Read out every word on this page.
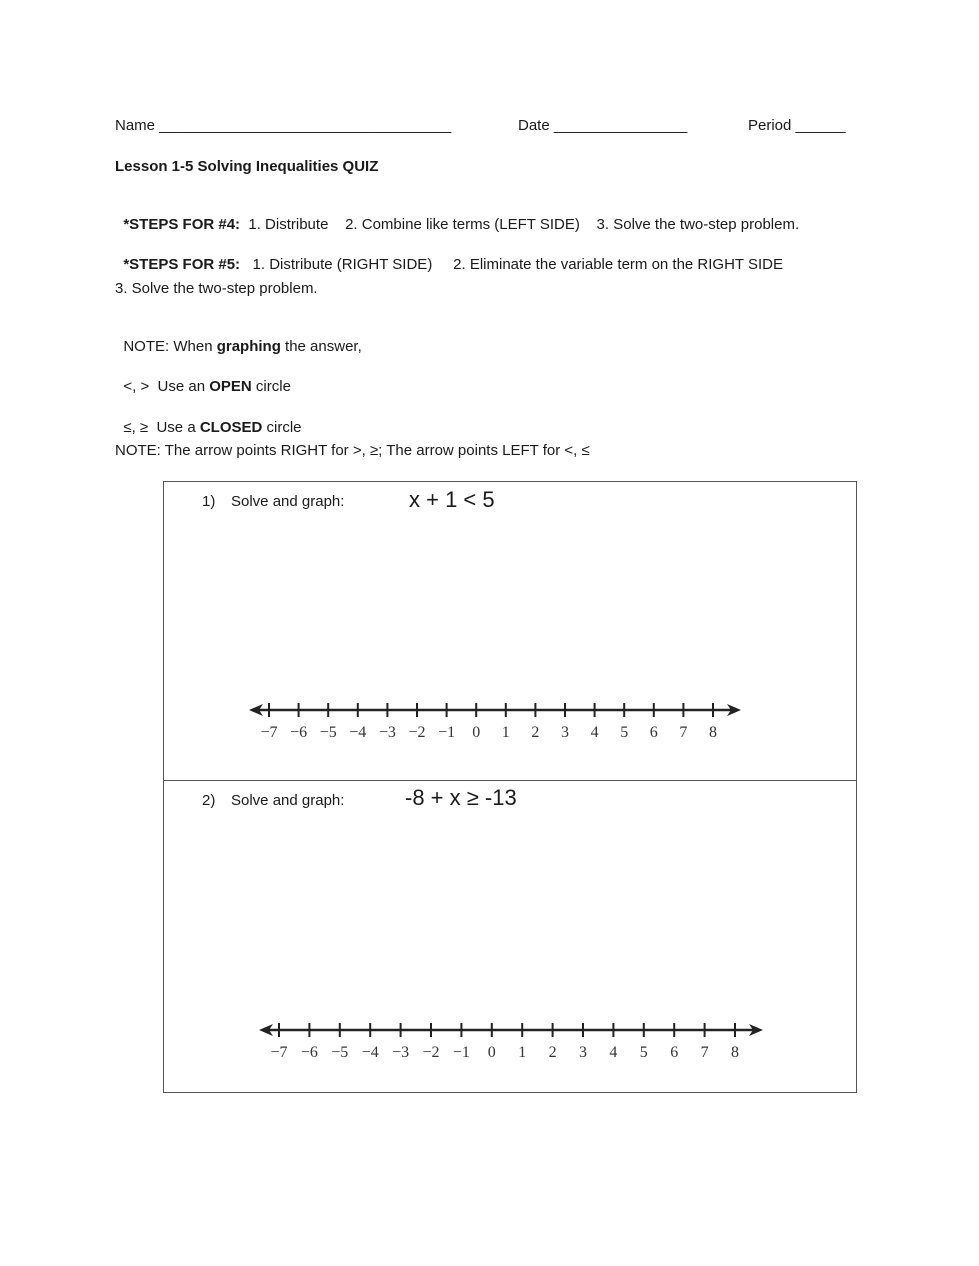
Name ___________________________________	Date ________________	Period ______
Lesson 1-5 Solving Inequalities QUIZ

*STEPS FOR #4:  1. Distribute    2. Combine like terms (LEFT SIDE)    3. Solve the two-step problem.

*STEPS FOR #5:   1. Distribute (RIGHT SIDE)     2. Eliminate the variable term on the RIGHT SIDE

3. Solve the two-step problem.

NOTE: When graphing the answer,

<, >  Use an OPEN circle

≤, ≥  Use a CLOSED circle

NOTE: The arrow points RIGHT for >, ≥; The arrow points LEFT for <, ≤
1) Solve and graph:	x + 1 < 5
−7 −6 −5 −4 −3 −2 −1 0 1 2 3 4 5 6 7 8
2) Solve and graph:	-8 + x ≥ -13
−7 −6 −5 −4 −3 −2 −1 0 1 2 3 4 5 6 7 8
